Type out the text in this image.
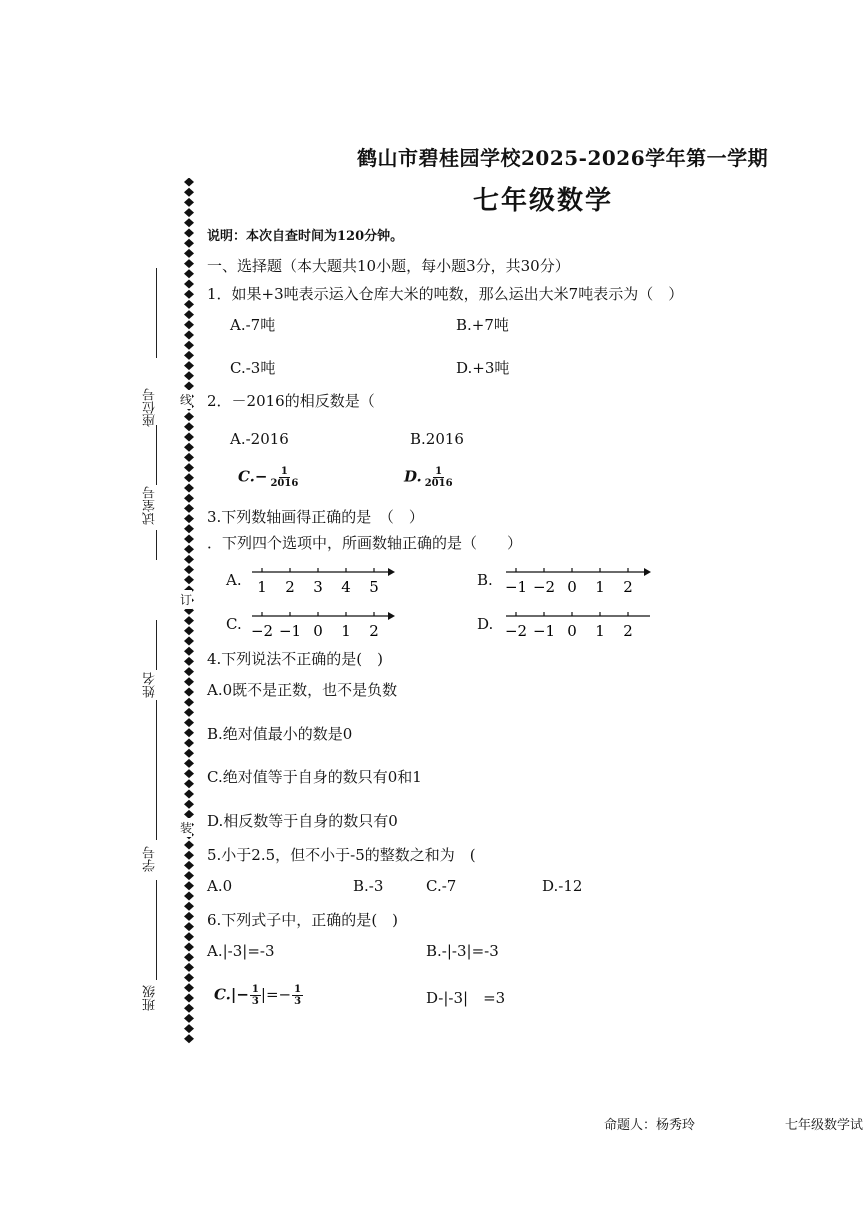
鹤山市碧桂园学校2025-2026学年第一学期
七年级数学
说明：本次自查时间为120分钟。
座位号
试室号
姓名
学号
班级
线
订
装
一、选择题（本大题共10小题，每小题3分，共30分）
1．如果+3吨表示运入仓库大米的吨数，那么运出大米7吨表示为（　）
A.-7吨	B.+7吨
C.-3吨	D.+3吨
2．－2016的相反数是（
A.-2016	B.2016
$C.- \frac{1}{2016}$	D. $\frac{1}{2016}$
3.下列数轴画得正确的是　（　）
．下列四个选项中，所画数轴正确的是（　　）
A. 1 2 3 4 5	B. −1 −2 0 1 2
C. −2 −1 0 1 2	D. −2 −1 0 1 2
4.下列说法不正确的是(　)
A.0既不是正数，也不是负数
B.绝对值最小的数是0
C.绝对值等于自身的数只有0和1
D.相反数等于自身的数只有0
5.小于2.5，但不小于-5的整数之和为　(
A.0	B.-3	C.-7	D.-12
6.下列式子中，正确的是(　)
A.|-3|=-3	B.-|-3|=-3
$C.|- \frac{1}{3}$ |=− $\frac{1}{3}$	D-|-3|　=3
命题人：杨秀玲	七年级数学试
